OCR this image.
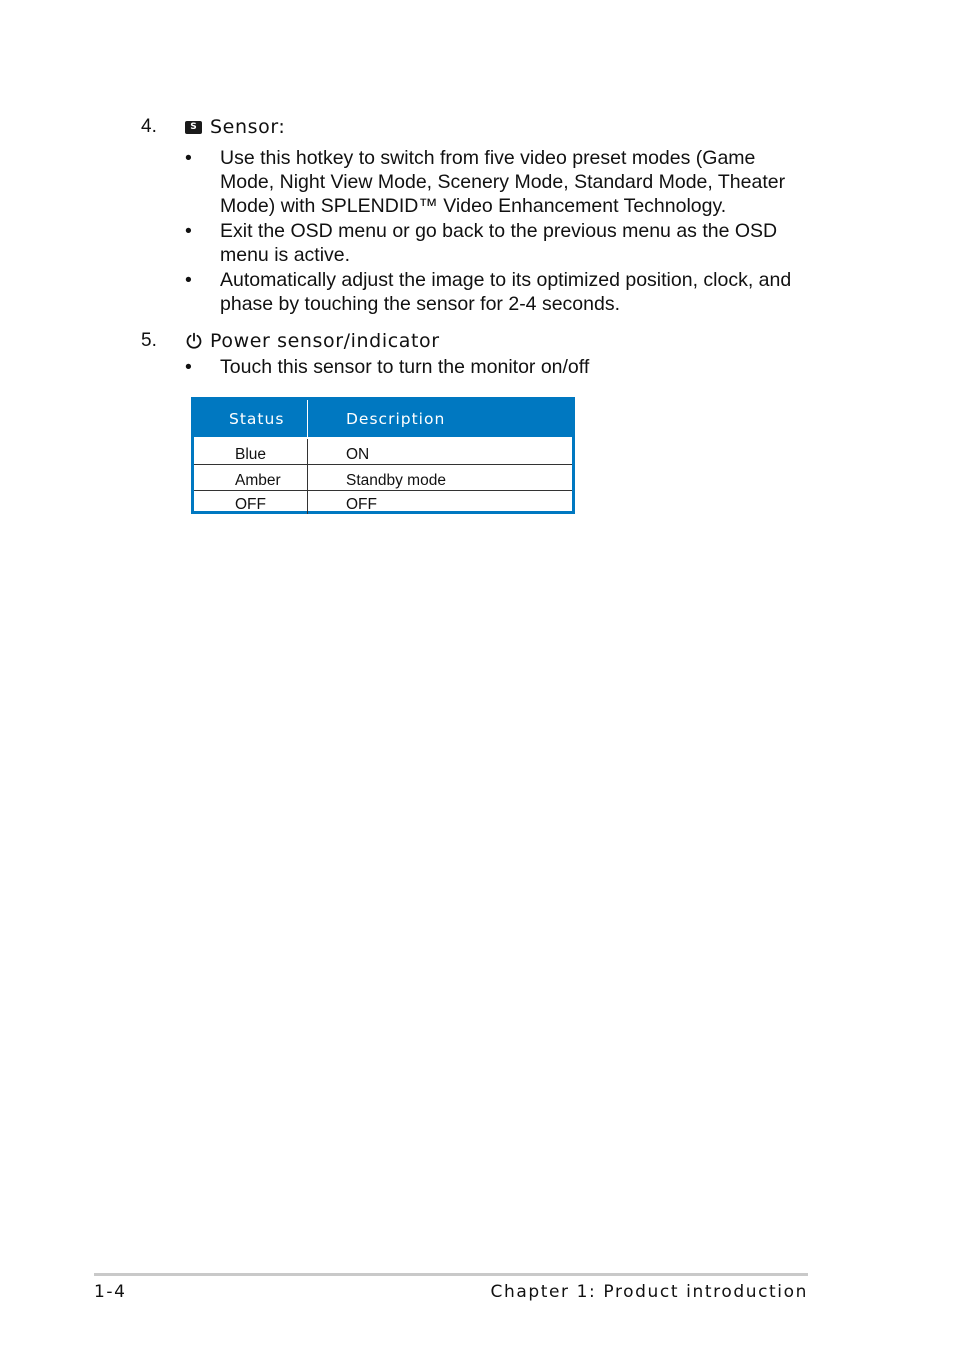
4.	S Sensor:
• Use this hotkey to switch from five video preset modes (Game Mode, Night View Mode, Scenery Mode, Standard Mode, Theater Mode) with SPLENDID™ Video Enhancement Technology.
• Exit the OSD menu or go back to the previous menu as the OSD menu is active.
• Automatically adjust the image to its optimized position, clock, and phase by touching the sensor for 2-4 seconds.
5.	Power sensor/indicator
• Touch this sensor to turn the monitor on/off
Status	Description
Blue	ON
Amber	Standby mode
OFF	OFF
1-4	Chapter 1: Product introduction
